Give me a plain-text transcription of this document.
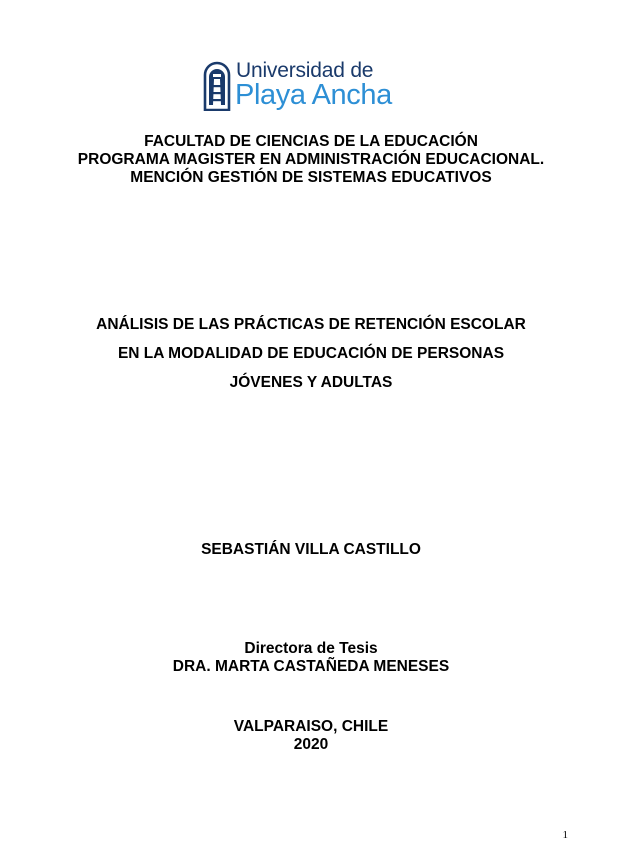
Universidad de
Playa Ancha
FACULTAD DE CIENCIAS DE LA EDUCACIÓN
PROGRAMA MAGISTER EN ADMINISTRACIÓN EDUCACIONAL.
MENCIÓN GESTIÓN DE SISTEMAS EDUCATIVOS
ANÁLISIS DE LAS PRÁCTICAS DE RETENCIÓN ESCOLAR
EN LA MODALIDAD DE EDUCACIÓN DE PERSONAS
JÓVENES Y ADULTAS
SEBASTIÁN VILLA CASTILLO
Directora de Tesis
DRA. MARTA CASTAÑEDA MENESES
VALPARAISO, CHILE
2020
1
